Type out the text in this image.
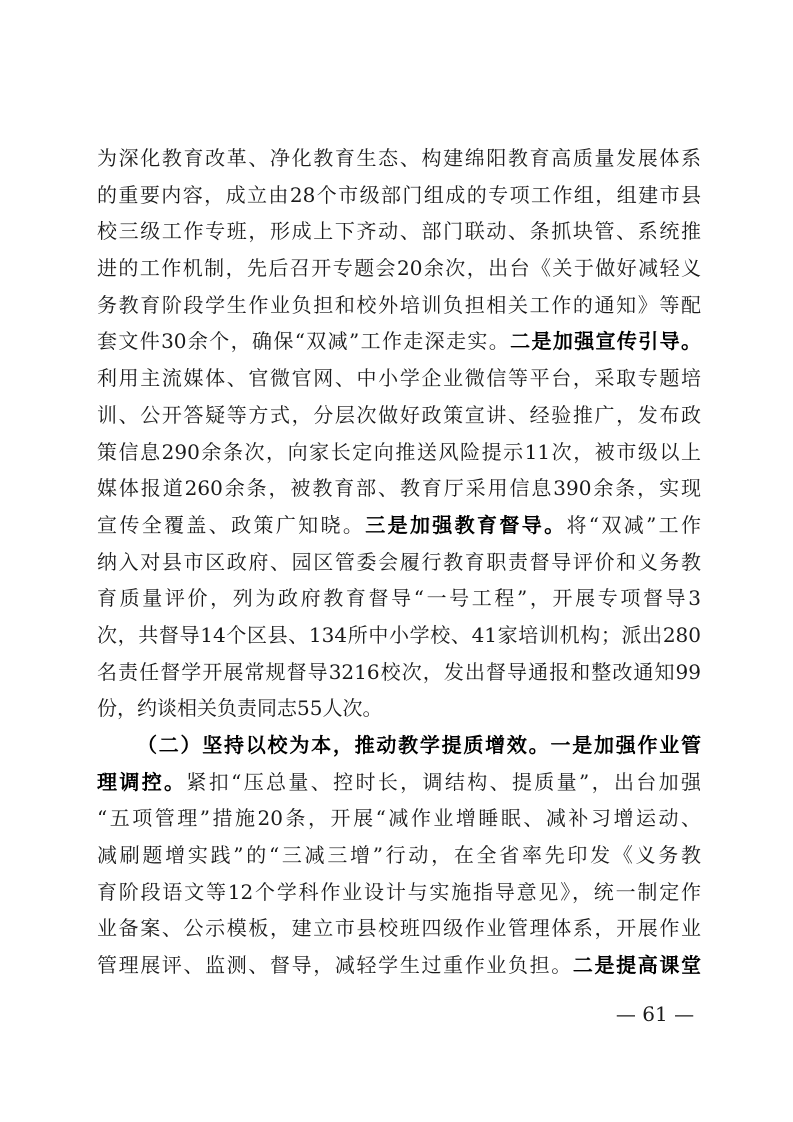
为深化教育改革、净化教育生态、构建绵阳教育高质量发展体系
的重要内容，成立由28个市级部门组成的专项工作组，组建市县
校三级工作专班，形成上下齐动、部门联动、条抓块管、系统推
进的工作机制，先后召开专题会20余次，出台《关于做好减轻义
务教育阶段学生作业负担和校外培训负担相关工作的通知》等配
套文件30余个，确保“双减”工作走深走实。二是加强宣传引导。
利用主流媒体、官微官网、中小学企业微信等平台，采取专题培
训、公开答疑等方式，分层次做好政策宣讲、经验推广，发布政
策信息290余条次，向家长定向推送风险提示11次，被市级以上
媒体报道260余条，被教育部、教育厅采用信息390余条，实现
宣传全覆盖、政策广知晓。三是加强教育督导。将“双减”工作
纳入对县市区政府、园区管委会履行教育职责督导评价和义务教
育质量评价，列为政府教育督导“一号工程”，开展专项督导3
次，共督导14个区县、134所中小学校、41家培训机构；派出280
名责任督学开展常规督导3216校次，发出督导通报和整改通知99
份，约谈相关负责同志55人次。
（二）坚持以校为本，推动教学提质增效。一是加强作业管
理调控。紧扣“压总量、控时长，调结构、提质量”，出台加强
“五项管理”措施20条，开展“减作业增睡眠、减补习增运动、
减刷题增实践”的“三减三增”行动，在全省率先印发《义务教
育阶段语文等12个学科作业设计与实施指导意见》，统一制定作
业备案、公示模板，建立市县校班四级作业管理体系，开展作业
管理展评、监测、督导，减轻学生过重作业负担。二是提高课堂
— 61 —
